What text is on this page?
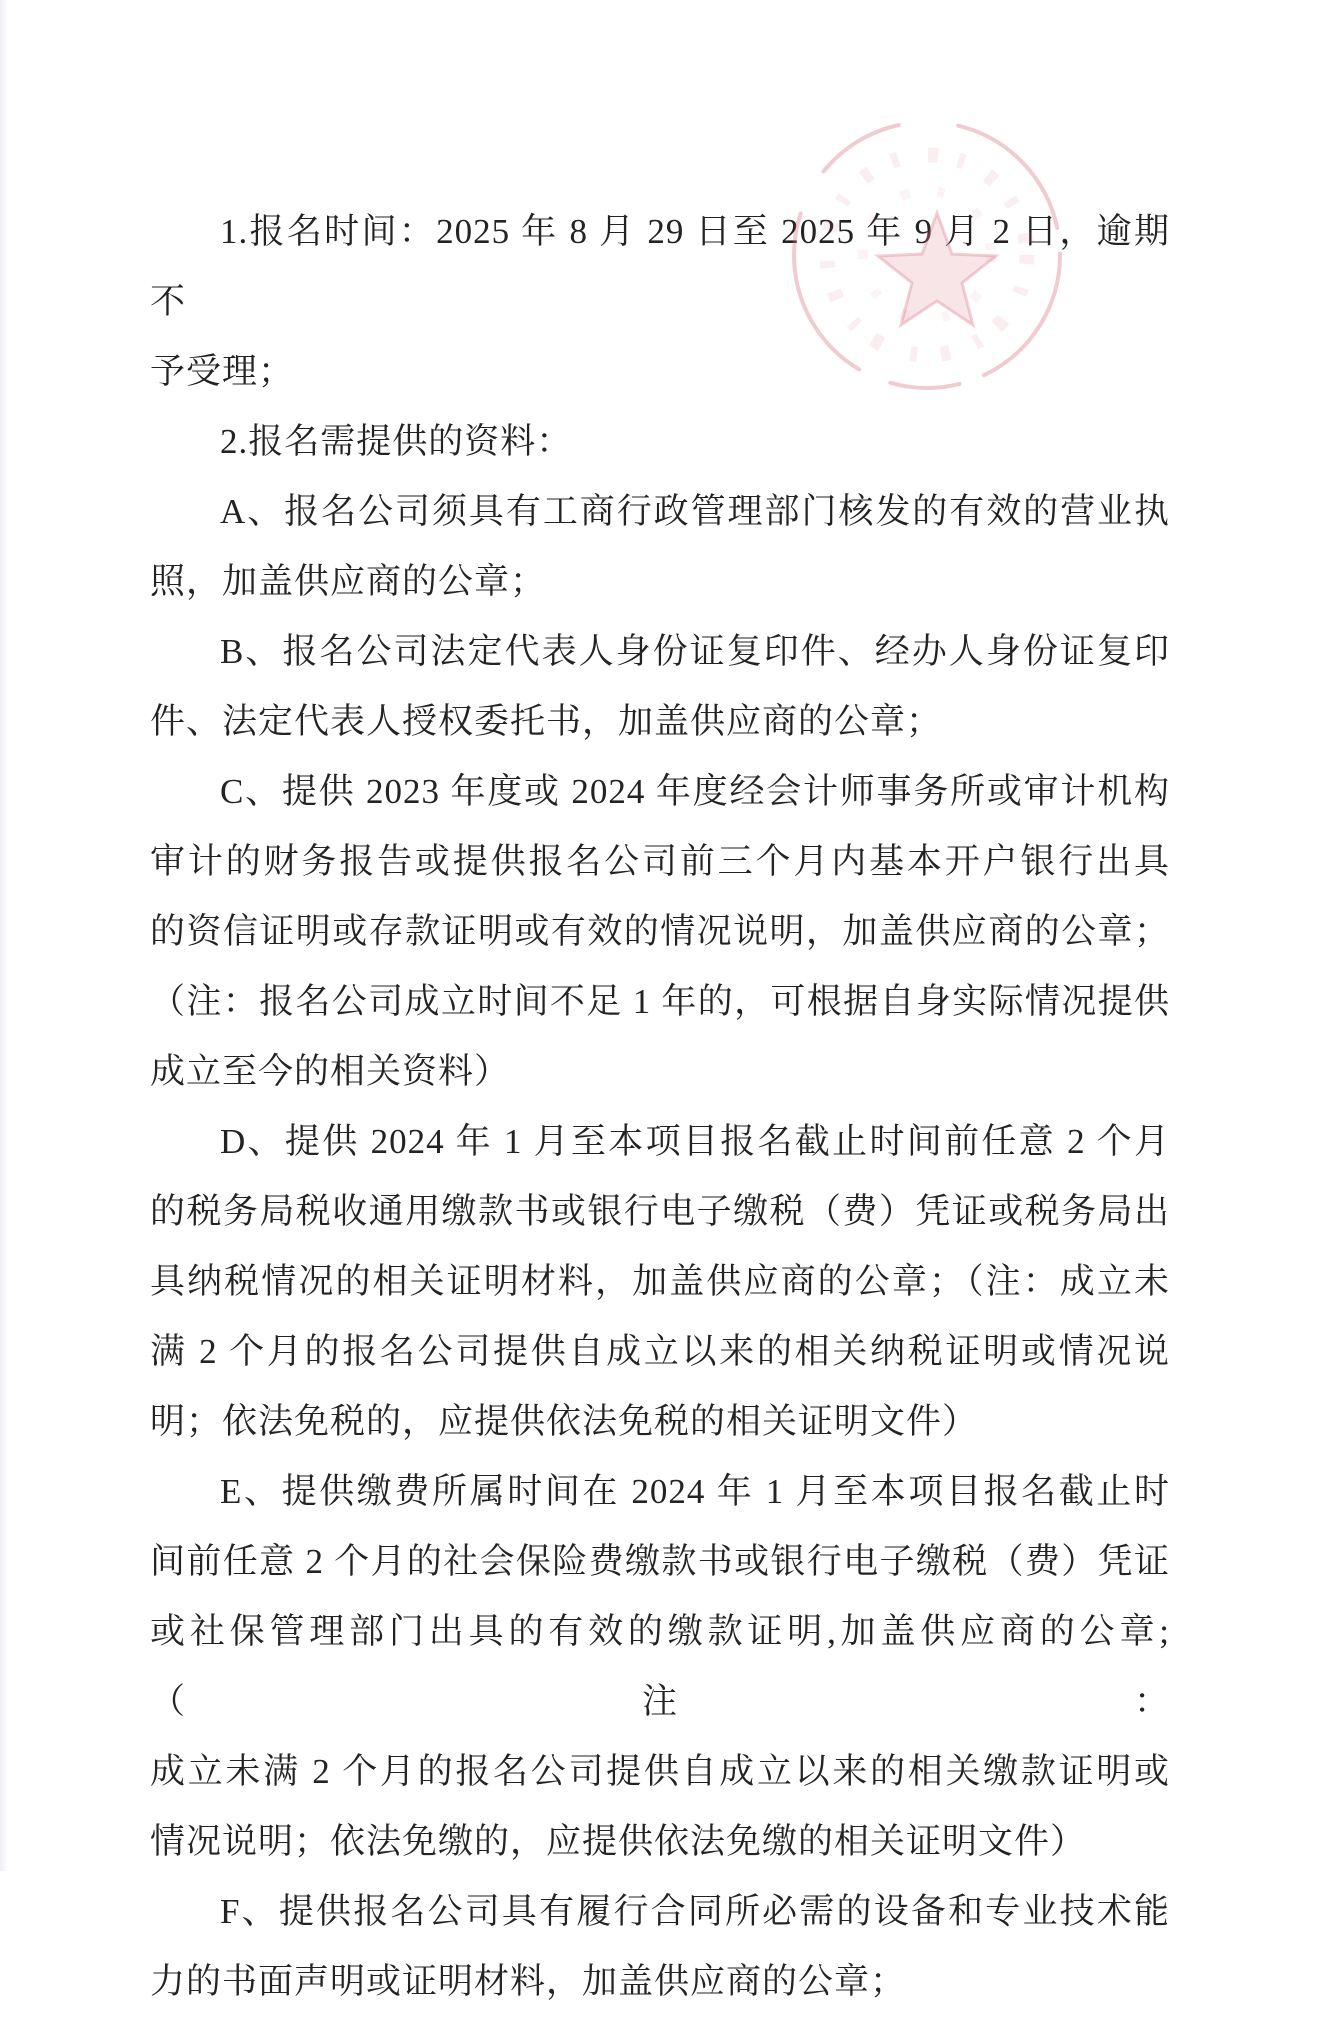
1.报名时间：2025 年 8 月 29 日至 2025 年 9 月 2 日，逾期不
予受理；
2.报名需提供的资料：
A、报名公司须具有工商行政管理部门核发的有效的营业执
照，加盖供应商的公章；
B、报名公司法定代表人身份证复印件、经办人身份证复印
件、法定代表人授权委托书，加盖供应商的公章；
C、提供 2023 年度或 2024 年度经会计师事务所或审计机构
审计的财务报告或提供报名公司前三个月内基本开户银行出具
的资信证明或存款证明或有效的情况说明，加盖供应商的公章；
（注：报名公司成立时间不足 1 年的，可根据自身实际情况提供
成立至今的相关资料）
D、提供 2024 年 1 月至本项目报名截止时间前任意 2 个月
的税务局税收通用缴款书或银行电子缴税（费）凭证或税务局出
具纳税情况的相关证明材料，加盖供应商的公章；（注：成立未
满 2 个月的报名公司提供自成立以来的相关纳税证明或情况说
明；依法免税的，应提供依法免税的相关证明文件）
E、提供缴费所属时间在 2024 年 1 月至本项目报名截止时
间前任意 2 个月的社会保险费缴款书或银行电子缴税（费）凭证
或社保管理部门出具的有效的缴款证明,加盖供应商的公章;（注：
成立未满 2 个月的报名公司提供自成立以来的相关缴款证明或
情况说明；依法免缴的，应提供依法免缴的相关证明文件）
F、提供报名公司具有履行合同所必需的设备和专业技术能
力的书面声明或证明材料，加盖供应商的公章；
